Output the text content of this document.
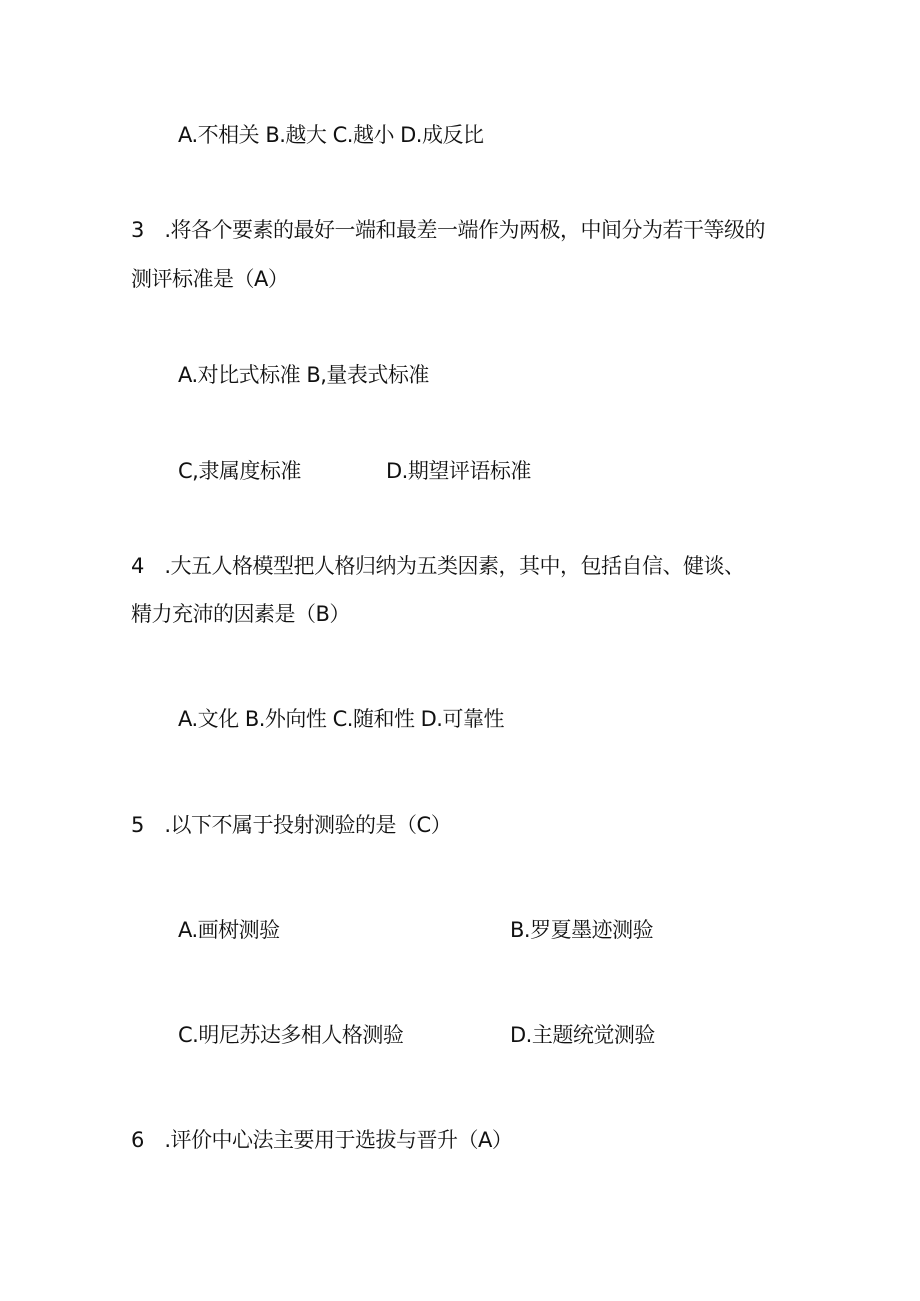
A.不相关 B.越大 C.越小 D.成反比
3　.将各个要素的最好一端和最差一端作为两极，中间分为若干等级的
测评标准是（A）
A.对比式标准 B,量表式标准
C,隶属度标准	D.期望评语标准
4　.大五人格模型把人格归纳为五类因素，其中，包括自信、健谈、
精力充沛的因素是（B）
A.文化 B.外向性 C.随和性 D.可靠性
5　.以下不属于投射测验的是（C）
A.画树测验	B.罗夏墨迹测验
C.明尼苏达多相人格测验	D.主题统觉测验
6　.评价中心法主要用于选拔与晋升（A）
